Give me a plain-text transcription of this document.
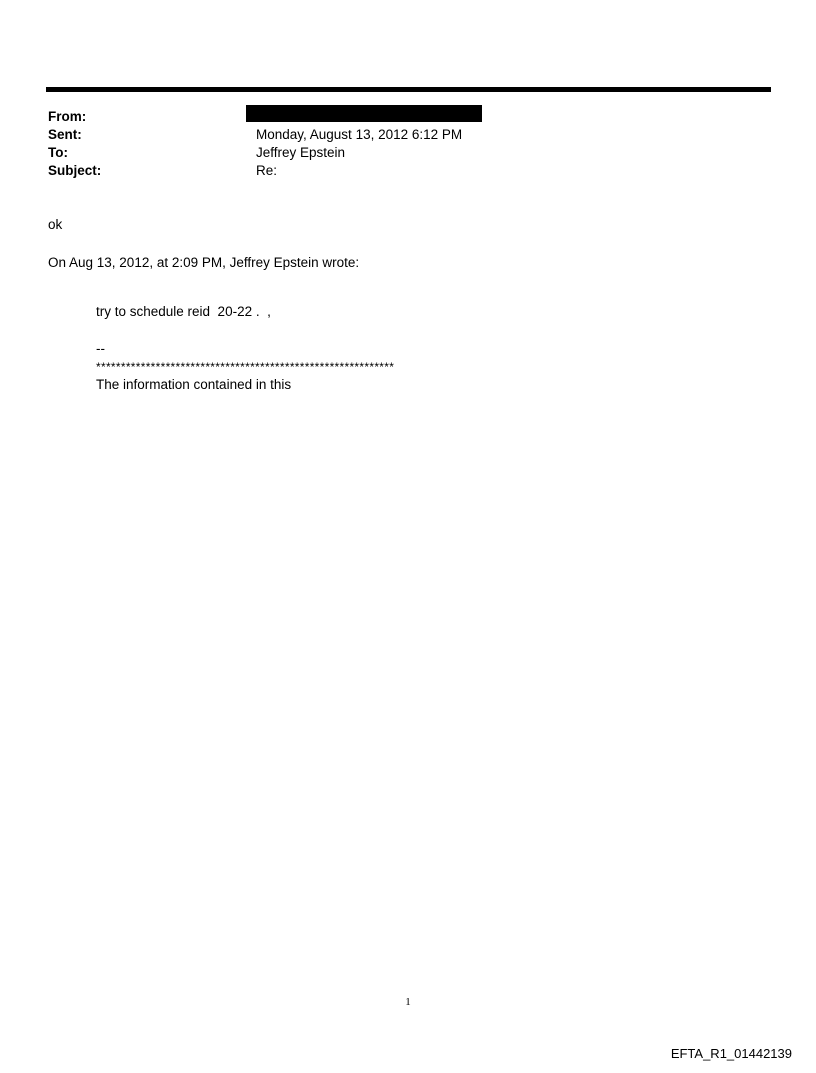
From:
Sent:	Monday, August 13, 2012 6:12 PM
To:	Jeffrey Epstein
Subject:	Re:
ok
On Aug 13, 2012, at 2:09 PM, Jeffrey Epstein wrote:
try to schedule reid  20-22 .  ,
--
************************************************************
The information contained in this
1
EFTA_R1_01442139
